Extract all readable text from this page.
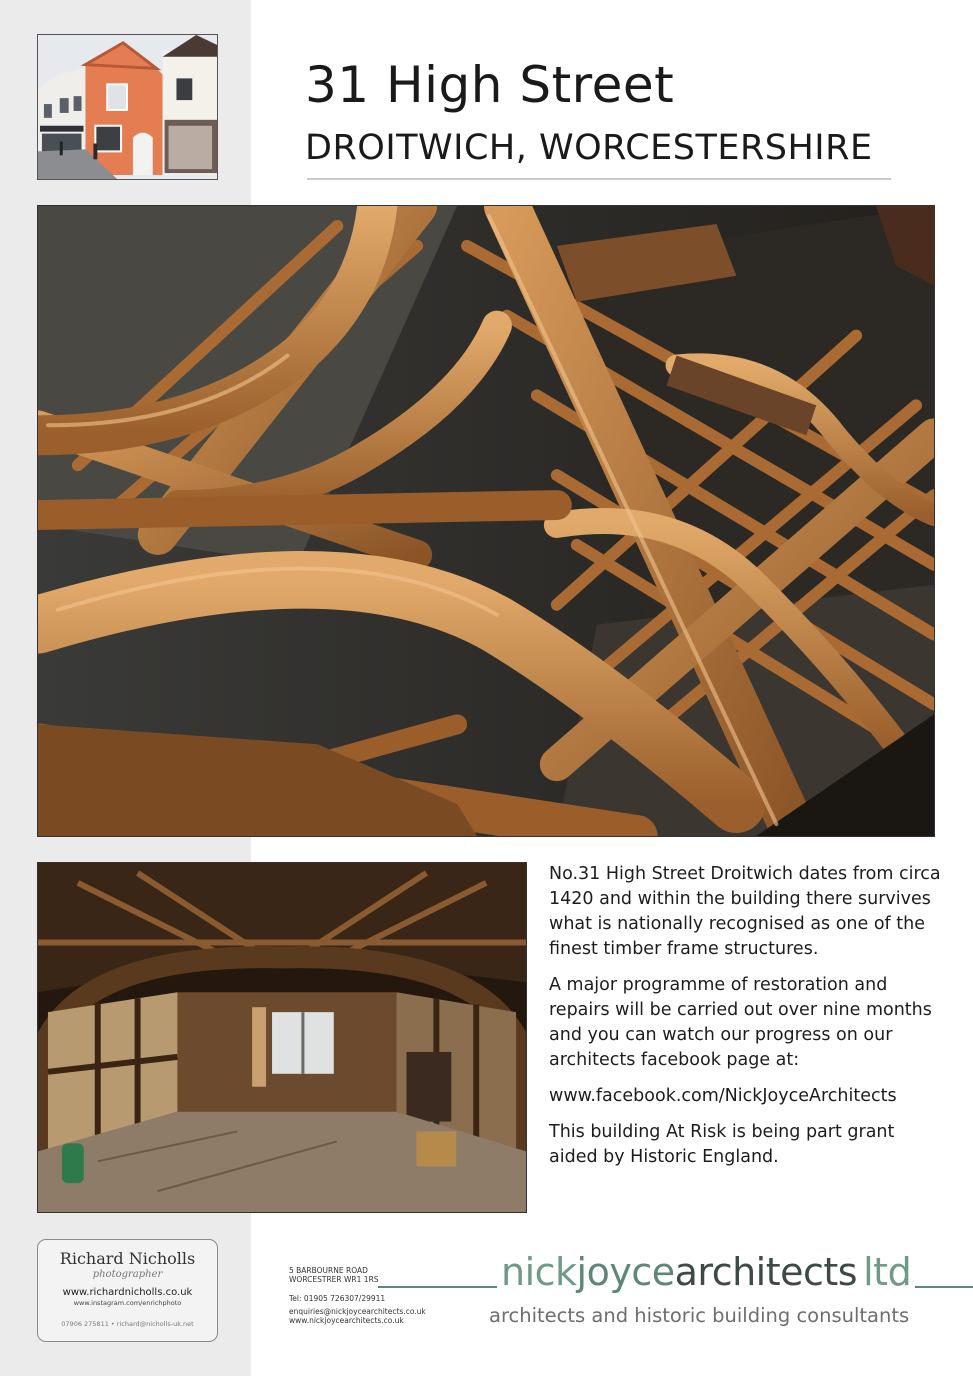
31 High Street
DROITWICH, WORCESTERSHIRE

No.31 High Street Droitwich dates from circa 1420 and within the building there survives what is nationally recognised as one of the finest timber frame structures.

A major programme of restoration and repairs will be carried out over nine months and you can watch our progress on our architects facebook page at:

www.facebook.com/NickJoyceArchitects

This building At Risk is being part grant aided by Historic England.

Richard Nicholls
photographer
www.richardnicholls.co.uk
www.instagram.com/enrichphoto
07906 275811 • richard@nicholls-uk.net
5 BARBOURNE ROAD
WORCESTRER WR1 1RS
Tel: 01905 726307/29911
enquiries@nickjoycearchitects.co.uk
www.nickjoycearchitects.co.uk
nickjoycearchitects ltd
architects and historic building consultants
